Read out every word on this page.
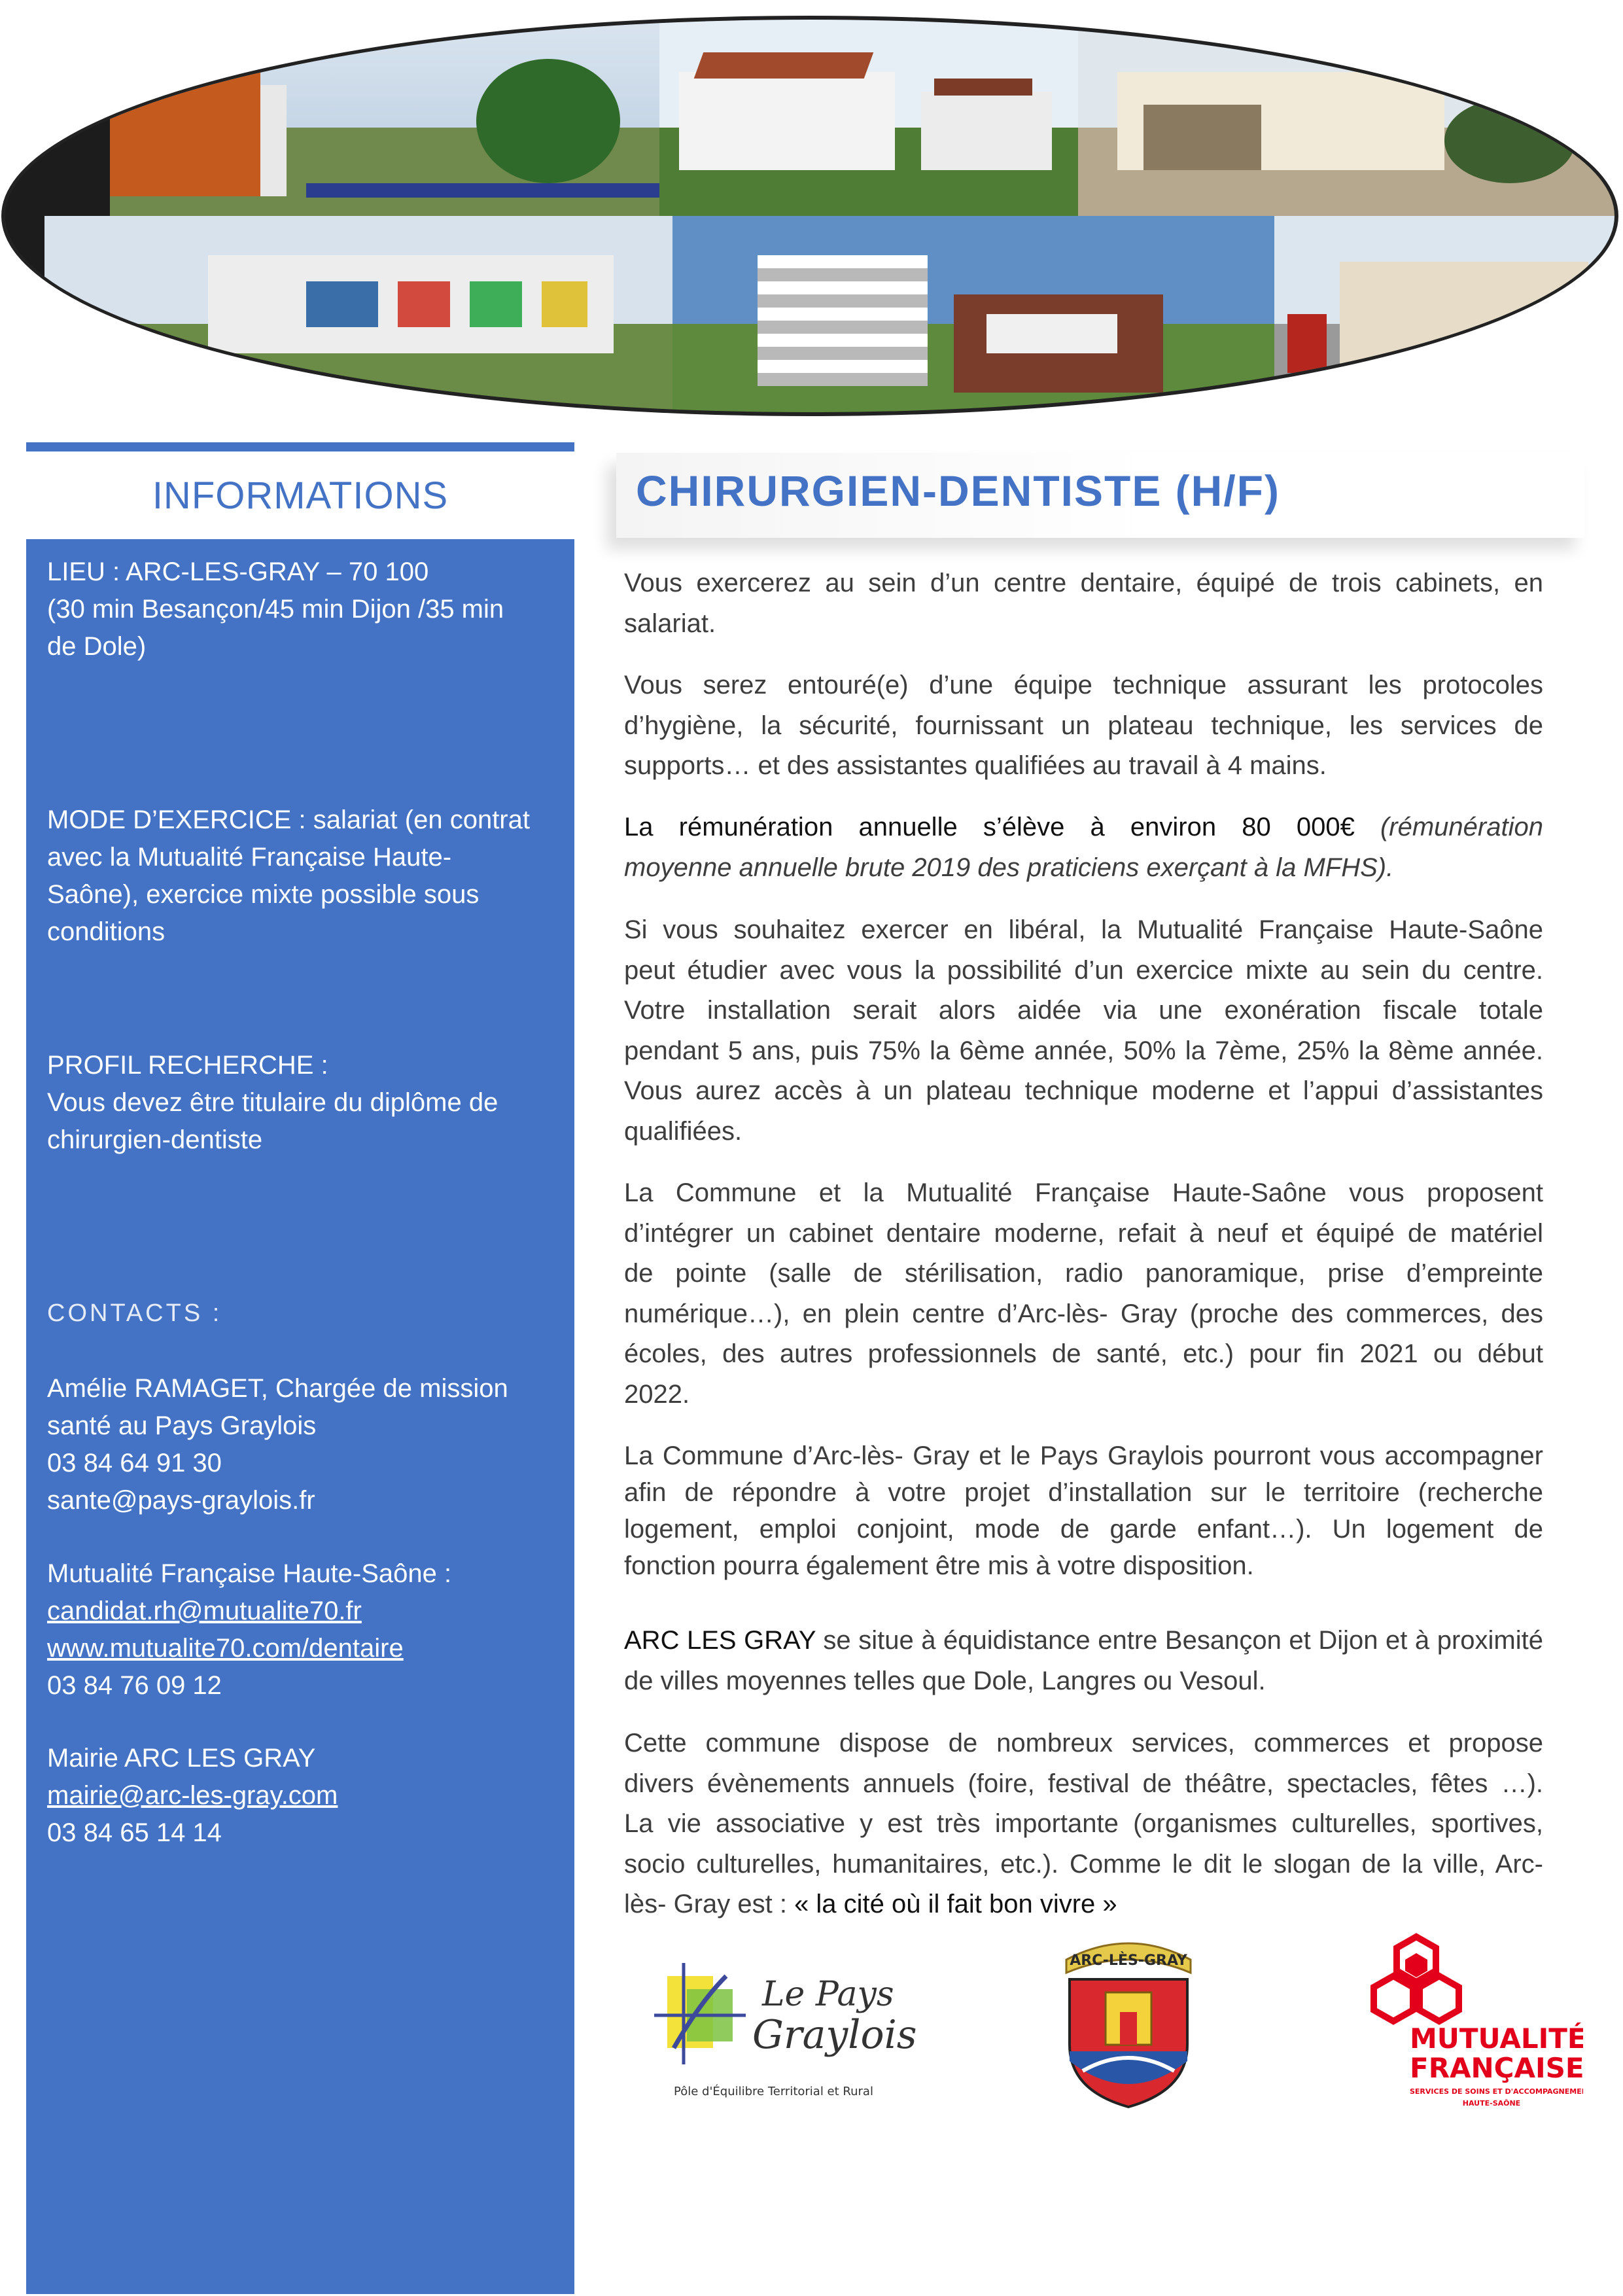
INFORMATIONS
LIEU : ARC-LES-GRAY – 70 100
(30 min Besançon/45 min Dijon /35 min
de Dole)
MODE D’EXERCICE : salariat (en contrat
avec la Mutualité Française Haute-
Saône), exercice mixte possible sous
conditions
PROFIL RECHERCHE :
Vous devez être titulaire du diplôme de
chirurgien-dentiste
CONTACTS :
Amélie RAMAGET, Chargée de mission
santé au Pays Graylois
03 84 64 91 30
sante@pays-graylois.fr
Mutualité Française Haute-Saône :
candidat.rh@mutualite70.fr
www.mutualite70.com/dentaire
03 84 76 09 12
Mairie ARC LES GRAY
mairie@arc-les-gray.com
03 84 65 14 14
CHIRURGIEN-DENTISTE (H/F)
Vous exercerez au sein d’un centre dentaire, équipé de trois cabinets, en
salariat.
Vous serez entouré(e) d’une équipe technique assurant les protocoles
d’hygiène, la sécurité, fournissant un plateau technique, les services de
supports… et des assistantes qualifiées au travail à 4 mains.
La rémunération annuelle s’élève à environ 80 000€ (rémunération
moyenne annuelle brute 2019 des praticiens exerçant à la MFHS).
Si vous souhaitez exercer en libéral, la Mutualité Française Haute-Saône
peut étudier avec vous la possibilité d’un exercice mixte au sein du centre.
Votre installation serait alors aidée via une exonération fiscale totale
pendant 5 ans, puis 75% la 6ème année, 50% la 7ème, 25% la 8ème année.
Vous aurez accès à un plateau technique moderne et l’appui d’assistantes
qualifiées.
La Commune et la Mutualité Française Haute-Saône vous proposent
d’intégrer un cabinet dentaire moderne, refait à neuf et équipé de matériel
de pointe (salle de stérilisation, radio panoramique, prise d’empreinte
numérique…), en plein centre d’Arc-lès- Gray (proche des commerces, des
écoles, des autres professionnels de santé, etc.) pour fin 2021 ou début
2022.
La Commune d’Arc-lès- Gray et le Pays Graylois pourront vous accompagner
afin de répondre à votre projet d’installation sur le territoire (recherche
logement, emploi conjoint, mode de garde enfant…). Un logement de
fonction pourra également être mis à votre disposition.
ARC LES GRAY se situe à équidistance entre Besançon et Dijon et à proximité
de villes moyennes telles que Dole, Langres ou Vesoul.
Cette commune dispose de nombreux services, commerces et propose
divers évènements annuels (foire, festival de théâtre, spectacles, fêtes …).
La vie associative y est très importante (organismes culturelles, sportives,
socio culturelles, humanitaires, etc.). Comme le dit le slogan de la ville, Arc-
lès- Gray est : « la cité où il fait bon vivre »
Le Pays
Graylois
Pôle d'Équilibre Territorial et Rural
ARC-LÈS-GRAY
MUTUALITÉ
FRANÇAISE
SERVICES DE SOINS ET D'ACCOMPAGNEMENT
HAUTE-SAÔNE
